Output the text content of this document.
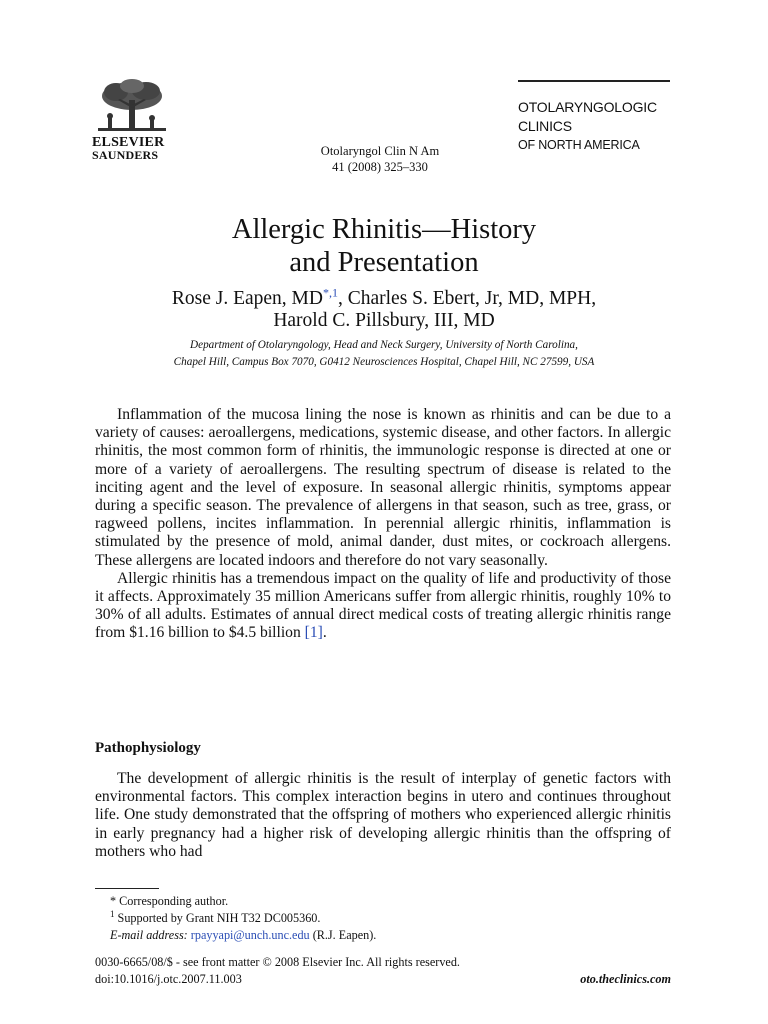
ELSEVIER
SAUNDERS	Otolaryngol Clin N Am
41 (2008) 325–330
OTOLARYNGOLOGIC
CLINICS
OF NORTH AMERICA
Allergic Rhinitis—History
and Presentation
Rose J. Eapen, $MD^{*,1}$, Charles S. Ebert, Jr, MD, MPH,
Harold C. Pillsbury, III, MD
Department of Otolaryngology, Head and Neck Surgery, University of North Carolina,
Chapel Hill, Campus Box 7070, G0412 Neurosciences Hospital, Chapel Hill, NC 27599, USA

Inflammation of the mucosa lining the nose is known as rhinitis and can be due to a variety of causes: aeroallergens, medications, systemic disease, and other factors. In allergic rhinitis, the most common form of rhinitis, the immunologic response is directed at one or more of a variety of aeroallergens. The resulting spectrum of disease is related to the inciting agent and the level of exposure. In seasonal allergic rhinitis, symptoms appear during a specific season. The prevalence of allergens in that season, such as tree, grass, or ragweed pollens, incites inflammation. In perennial allergic rhinitis, inflammation is stimulated by the presence of mold, animal dander, dust mites, or cockroach allergens. These allergens are located indoors and therefore do not vary seasonally.

Allergic rhinitis has a tremendous impact on the quality of life and productivity of those it affects. Approximately 35 million Americans suffer from allergic rhinitis, roughly 10% to 30% of all adults. Estimates of annual direct medical costs of treating allergic rhinitis range from $1.16 billion to $4.5 billion [1].

Pathophysiology

The development of allergic rhinitis is the result of interplay of genetic factors with environmental factors. This complex interaction begins in utero and continues throughout life. One study demonstrated that the offspring of mothers who experienced allergic rhinitis in early pregnancy had a higher risk of developing allergic rhinitis than the offspring of mothers who had

* Corresponding author.
$^1$ Supported by Grant NIH T32 DC005360.
E-mail address: rpayyapi@unch.unc.edu (R.J. Eapen).
0030-6665/08/$ - see front matter © 2008 Elsevier Inc. All rights reserved.
doi:10.1016/j.otc.2007.11.003	oto.theclinics.com
